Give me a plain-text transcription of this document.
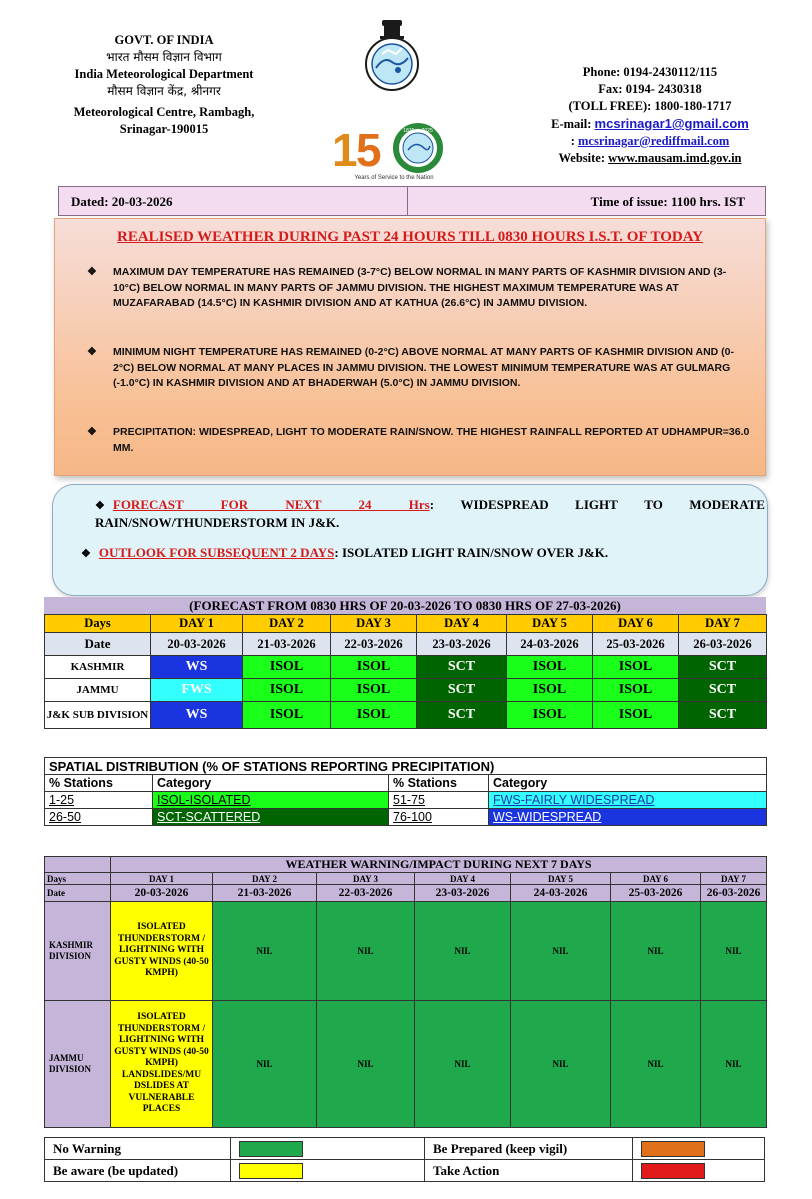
GOVT. OF INDIA
भारत मौसम विज्ञान विभाग
India Meteorological Department
मौसम विज्ञान केंद्र, श्रीनगर
Meteorological Centre, Rambagh,
Srinagar-190015	1
5	1875 ★ 2025
Years of Service to the Nation
Phone: 0194-2430112/115
Fax: 0194- 2430318
(TOLL FREE): 1800-180-1717
E-mail: mcsrinagar1@gmail.com
: mcsrinagar@rediffmail.com
Website: www.mausam.imd.gov.in
Dated: 20-03-2026	Time of issue: 1100 hrs. IST
REALISED WEATHER DURING PAST 24 HOURS TILL 0830 HOURS I.S.T. OF TODAY
❖ MAXIMUM DAY TEMPERATURE HAS REMAINED (3-7°C) BELOW NORMAL IN MANY PARTS OF KASHMIR DIVISION AND (3-10°C) BELOW NORMAL IN MANY PARTS OF JAMMU DIVISION. THE HIGHEST MAXIMUM TEMPERATURE WAS AT MUZAFARABAD (14.5°C) IN KASHMIR DIVISION AND AT KATHUA (26.6°C) IN JAMMU DIVISION.
❖ MINIMUM NIGHT TEMPERATURE HAS REMAINED (0-2°C) ABOVE NORMAL AT MANY PARTS OF KASHMIR DIVISION AND (0-2°C) BELOW NORMAL AT MANY PLACES IN JAMMU DIVISION. THE LOWEST MINIMUM TEMPERATURE WAS AT GULMARG (-1.0°C) IN KASHMIR DIVISION AND AT BHADERWAH (5.0°C) IN JAMMU DIVISION.
❖ PRECIPITATION: WIDESPREAD, LIGHT TO MODERATE RAIN/SNOW. THE HIGHEST RAINFALL REPORTED AT UDHAMPUR=36.0 MM.
❖ FORECAST FOR NEXT 24 Hrs: WIDESPREAD LIGHT TO MODERATE
RAIN/SNOW/THUNDERSTORM IN J&K.
❖ OUTLOOK FOR SUBSEQUENT 2 DAYS: ISOLATED LIGHT RAIN/SNOW OVER J&K.
(FORECAST FROM 0830 HRS OF 20-03-2026 TO 0830 HRS OF 27-03-2026)
Days	DAY 1	DAY 2	DAY 3	DAY 4	DAY 5	DAY 6	DAY 7
Date	20-03-2026	21-03-2026	22-03-2026	23-03-2026	24-03-2026	25-03-2026	26-03-2026
KASHMIR	WS	ISOL	ISOL	SCT	ISOL	ISOL	SCT
JAMMU	FWS	ISOL	ISOL	SCT	ISOL	ISOL	SCT
J&K SUB DIVISION	WS	ISOL	ISOL	SCT	ISOL	ISOL	SCT
SPATIAL DISTRIBUTION (% OF STATIONS REPORTING PRECIPITATION)			
% Stations	Category	% Stations	Category
1-25	ISOL-ISOLATED	51-75	FWS-FAIRLY WIDESPREAD
26-50	SCT-SCATTERED	76-100	WS-WIDESPREAD
	WEATHER WARNING/IMPACT DURING NEXT 7 DAYS						
Days	DAY 1	DAY 2	DAY 3	DAY 4	DAY 5	DAY 6	DAY 7
Date	20-03-2026	21-03-2026	22-03-2026	23-03-2026	24-03-2026	25-03-2026	26-03-2026
KASHMIR DIVISION	ISOLATED THUNDERSTORM / LIGHTNING WITH GUSTY WINDS (40-50 KMPH)	NIL	NIL	NIL	NIL	NIL	NIL
JAMMU DIVISION	ISOLATED THUNDERSTORM / LIGHTNING WITH GUSTY WINDS (40-50 KMPH) LANDSLIDES/MU DSLIDES AT VULNERABLE PLACES	NIL	NIL	NIL	NIL	NIL	NIL
No Warning		Be Prepared (keep vigil)	
Be aware (be updated)		Take Action	
